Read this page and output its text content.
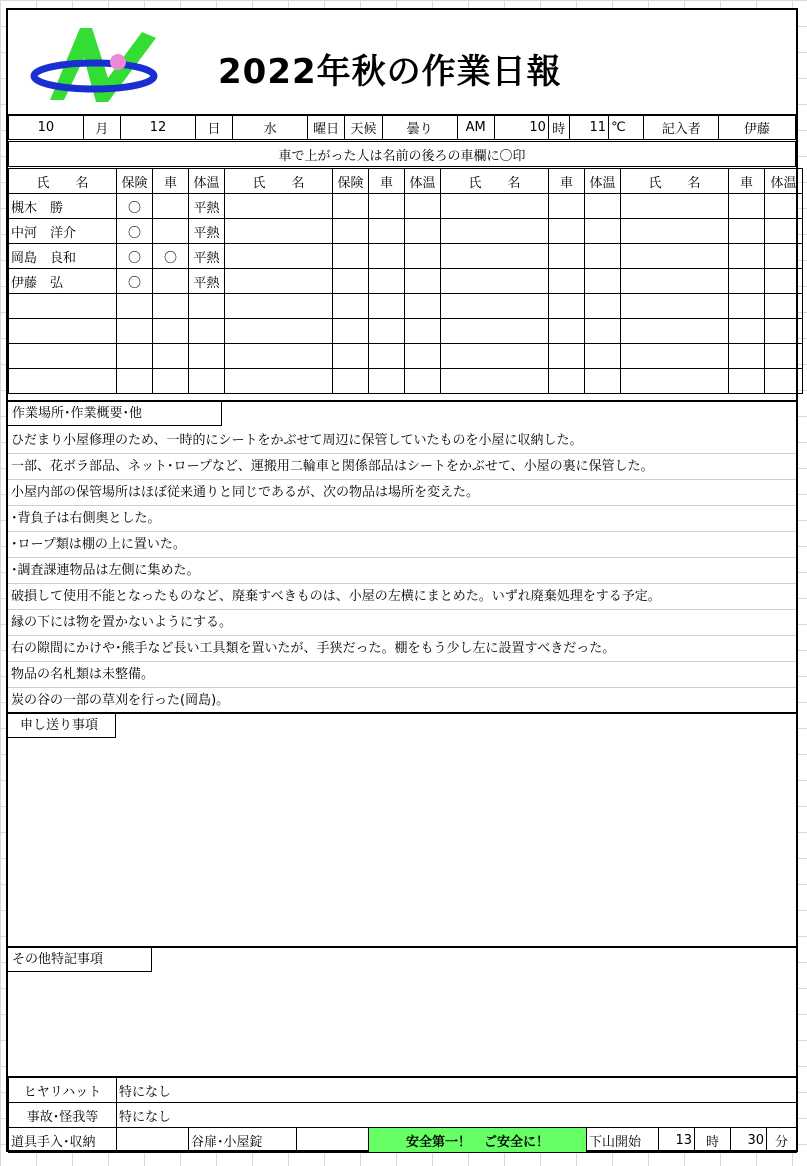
2022年秋の作業日報
10	月	12	日	水	曜日	天候	曇り	AM	10	時	11	℃	記入者	伊藤
車で上がった人は名前の後ろの車欄に〇印
氏　　名	保険	車	体温	氏　　名	保険	車	体温	氏　　名	車	体温	氏　　名	車	体温
槻木　勝	〇		平熱										
中河　洋介	〇		平熱										
岡島　良和	〇	〇	平熱										
伊藤　弘	〇		平熱										

作業場所･作業概要･他
ひだまり小屋修理のため、一時的にシートをかぶせて周辺に保管していたものを小屋に収納した。
一部、花ボラ部品、ネット･ロープなど、運搬用二輪車と関係部品はシートをかぶせて、小屋の裏に保管した。
小屋内部の保管場所はほぼ従来通りと同じであるが、次の物品は場所を変えた。
･背負子は右側奥とした。
･ロープ類は棚の上に置いた。
･調査課連物品は左側に集めた。
破損して使用不能となったものなど、廃棄すべきものは、小屋の左横にまとめた。いずれ廃棄処理をする予定。
縁の下には物を置かないようにする。
右の隙間にかけや･熊手など長い工具類を置いたが、手狭だった。棚をもう少し左に設置すべきだった。
物品の名札類は未整備。
炭の谷の一部の草刈を行った(岡島)。
申し送り事項
その他特記事項
ヒヤリハット	特になし								
事故･怪我等	特になし								
道具手入･収納		谷扉･小屋錠		安全第一！　ご安全に！	下山開始	13	時	30	分
